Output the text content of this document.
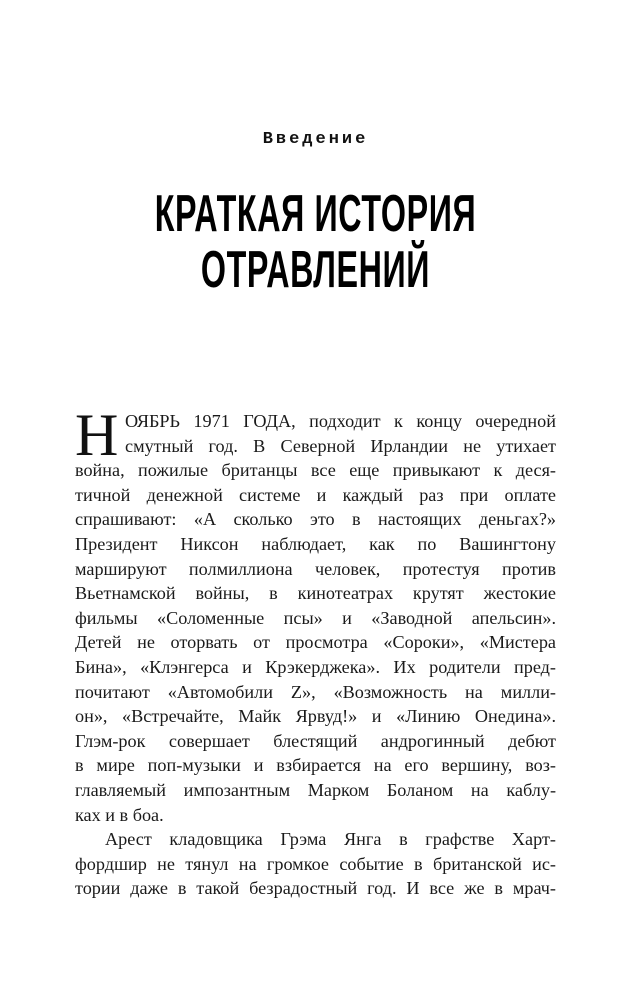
Введение
КРАТКАЯ ИСТОРИЯ
ОТРАВЛЕНИЙ
Н ОЯБРЬ 1971 ГОДА, подходит к концу очередной
смутный год. В Северной Ирландии не утихает
война, пожилые британцы все еще привыкают к деся-
тичной денежной системе и каждый раз при оплате
спрашивают: «А сколько это в настоящих деньгах?»
Президент Никсон наблюдает, как по Вашингтону
маршируют полмиллиона человек, протестуя против
Вьетнамской войны, в кинотеатрах крутят жестокие
фильмы «Соломенные псы» и «Заводной апельсин».
Детей не оторвать от просмотра «Сороки», «Мистера
Бина», «Клэнгерса и Крэкерджека». Их родители пред-
почитают «Автомобили Z», «Возможность на милли-
он», «Встречайте, Майк Ярвуд!» и «Линию Онедина».
Глэм-рок совершает блестящий андрогинный дебют
в мире поп-музыки и взбирается на его вершину, воз-
главляемый импозантным Марком Боланом на каблу-
ках и в боа.
Арест кладовщика Грэма Янга в графстве Харт-
фордшир не тянул на громкое событие в британской ис-
тории даже в такой безрадостный год. И все же в мрач-
